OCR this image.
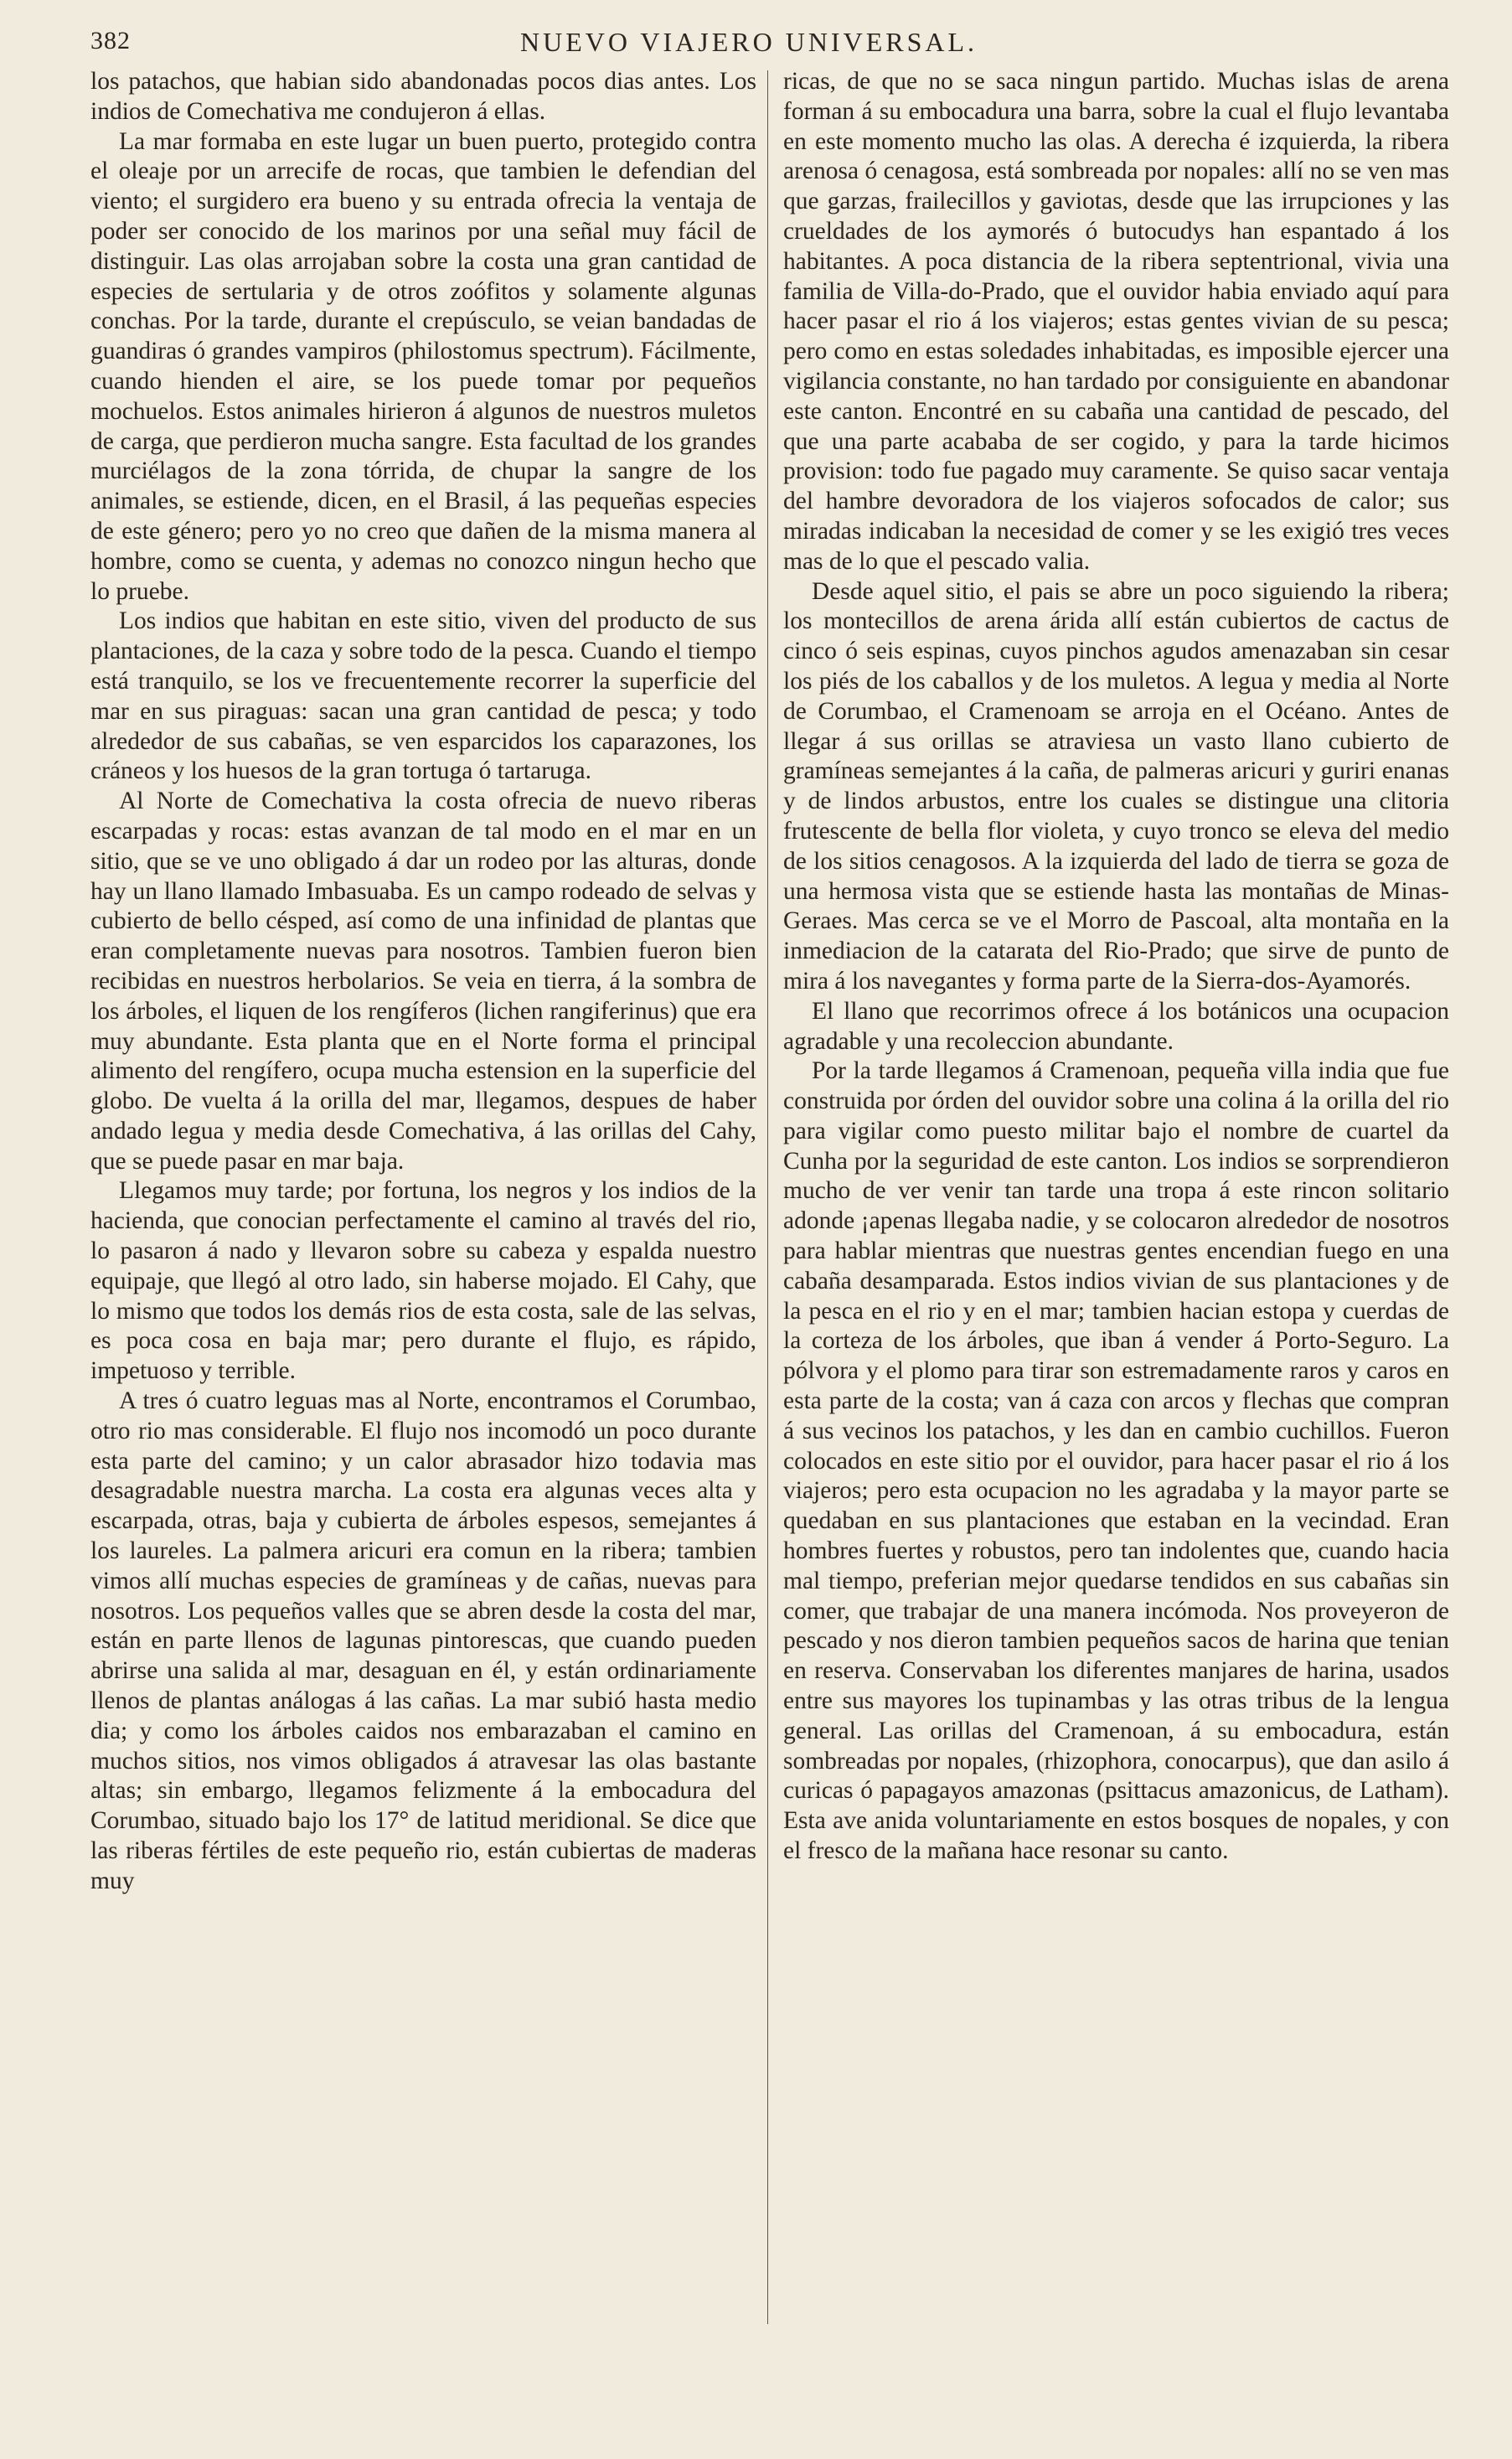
382	NUEVO VIAJERO UNIVERSAL.

los patachos, que habian sido abandonadas pocos dias antes. Los indios de Comechativa me condujeron á ellas.

La mar formaba en este lugar un buen puerto, protegido contra el oleaje por un arrecife de rocas, que tambien le defendian del viento; el surgidero era bueno y su entrada ofrecia la ventaja de poder ser conocido de los marinos por una señal muy fácil de distinguir. Las olas arrojaban sobre la costa una gran cantidad de especies de sertularia y de otros zoófitos y solamente algunas conchas. Por la tarde, durante el crepúsculo, se veian bandadas de guandiras ó grandes vampiros (philostomus spectrum). Fácilmente, cuando hienden el aire, se los puede tomar por pequeños mochuelos. Estos animales hirieron á algunos de nuestros muletos de carga, que perdieron mucha sangre. Esta facultad de los grandes murciélagos de la zona tórrida, de chupar la sangre de los animales, se estiende, dicen, en el Brasil, á las pequeñas especies de este género; pero yo no creo que dañen de la misma manera al hombre, como se cuenta, y ademas no conozco ningun hecho que lo pruebe.

Los indios que habitan en este sitio, viven del producto de sus plantaciones, de la caza y sobre todo de la pesca. Cuando el tiempo está tranquilo, se los ve frecuentemente recorrer la superficie del mar en sus piraguas: sacan una gran cantidad de pesca; y todo alrededor de sus cabañas, se ven esparcidos los caparazones, los cráneos y los huesos de la gran tortuga ó tartaruga.

Al Norte de Comechativa la costa ofrecia de nuevo riberas escarpadas y rocas: estas avanzan de tal modo en el mar en un sitio, que se ve uno obligado á dar un rodeo por las alturas, donde hay un llano llamado Imbasuaba. Es un campo rodeado de selvas y cubierto de bello césped, así como de una infinidad de plantas que eran completamente nuevas para nosotros. Tambien fueron bien recibidas en nuestros herbolarios. Se veia en tierra, á la sombra de los árboles, el liquen de los rengíferos (lichen rangiferinus) que era muy abundante. Esta planta que en el Norte forma el principal alimento del rengífero, ocupa mucha estension en la superficie del globo. De vuelta á la orilla del mar, llegamos, despues de haber andado legua y media desde Comechativa, á las orillas del Cahy, que se puede pasar en mar baja.

Llegamos muy tarde; por fortuna, los negros y los indios de la hacienda, que conocian perfectamente el camino al través del rio, lo pasaron á nado y llevaron sobre su cabeza y espalda nuestro equipaje, que llegó al otro lado, sin haberse mojado. El Cahy, que lo mismo que todos los demás rios de esta costa, sale de las selvas, es poca cosa en baja mar; pero durante el flujo, es rápido, impetuoso y terrible.

A tres ó cuatro leguas mas al Norte, encontramos el Corumbao, otro rio mas considerable. El flujo nos incomodó un poco durante esta parte del camino; y un calor abrasador hizo todavia mas desagradable nuestra marcha. La costa era algunas veces alta y escarpada, otras, baja y cubierta de árboles espesos, semejantes á los laureles. La palmera aricuri era comun en la ribera; tambien vimos allí muchas especies de gramíneas y de cañas, nuevas para nosotros. Los pequeños valles que se abren desde la costa del mar, están en parte llenos de lagunas pintorescas, que cuando pueden abrirse una salida al mar, desaguan en él, y están ordinariamente llenos de plantas análogas á las cañas. La mar subió hasta medio dia; y como los árboles caidos nos embarazaban el camino en muchos sitios, nos vimos obligados á atravesar las olas bastante altas; sin embargo, llegamos felizmente á la embocadura del Corumbao, situado bajo los 17° de latitud meridional. Se dice que las riberas fértiles de este pequeño rio, están cubiertas de maderas muy

ricas, de que no se saca ningun partido. Muchas islas de arena forman á su embocadura una barra, sobre la cual el flujo levantaba en este momento mucho las olas. A derecha é izquierda, la ribera arenosa ó cenagosa, está sombreada por nopales: allí no se ven mas que garzas, frailecillos y gaviotas, desde que las irrupciones y las crueldades de los aymorés ó butocudys han espantado á los habitantes. A poca distancia de la ribera septentrional, vivia una familia de Villa-do-Prado, que el ouvidor habia enviado aquí para hacer pasar el rio á los viajeros; estas gentes vivian de su pesca; pero como en estas soledades inhabitadas, es imposible ejercer una vigilancia constante, no han tardado por consiguiente en abandonar este canton. Encontré en su cabaña una cantidad de pescado, del que una parte acababa de ser cogido, y para la tarde hicimos provision: todo fue pagado muy caramente. Se quiso sacar ventaja del hambre devoradora de los viajeros sofocados de calor; sus miradas indicaban la necesidad de comer y se les exigió tres veces mas de lo que el pescado valia.

Desde aquel sitio, el pais se abre un poco siguiendo la ribera; los montecillos de arena árida allí están cubiertos de cactus de cinco ó seis espinas, cuyos pinchos agudos amenazaban sin cesar los piés de los caballos y de los muletos. A legua y media al Norte de Corumbao, el Cramenoam se arroja en el Océano. Antes de llegar á sus orillas se atraviesa un vasto llano cubierto de gramíneas semejantes á la caña, de palmeras aricuri y guriri enanas y de lindos arbustos, entre los cuales se distingue una clitoria frutescente de bella flor violeta, y cuyo tronco se eleva del medio de los sitios cenagosos. A la izquierda del lado de tierra se goza de una hermosa vista que se estiende hasta las montañas de Minas-Geraes. Mas cerca se ve el Morro de Pascoal, alta montaña en la inmediacion de la catarata del Rio-Prado; que sirve de punto de mira á los navegantes y forma parte de la Sierra-dos-Ayamorés.

El llano que recorrimos ofrece á los botánicos una ocupacion agradable y una recoleccion abundante.

Por la tarde llegamos á Cramenoan, pequeña villa india que fue construida por órden del ouvidor sobre una colina á la orilla del rio para vigilar como puesto militar bajo el nombre de cuartel da Cunha por la seguridad de este canton. Los indios se sorprendieron mucho de ver venir tan tarde una tropa á este rincon solitario adonde ¡apenas llegaba nadie, y se colocaron alrededor de nosotros para hablar mientras que nuestras gentes encendian fuego en una cabaña desamparada. Estos indios vivian de sus plantaciones y de la pesca en el rio y en el mar; tambien hacian estopa y cuerdas de la corteza de los árboles, que iban á vender á Porto-Seguro. La pólvora y el plomo para tirar son estremadamente raros y caros en esta parte de la costa; van á caza con arcos y flechas que compran á sus vecinos los patachos, y les dan en cambio cuchillos. Fueron colocados en este sitio por el ouvidor, para hacer pasar el rio á los viajeros; pero esta ocupacion no les agradaba y la mayor parte se quedaban en sus plantaciones que estaban en la vecindad. Eran hombres fuertes y robustos, pero tan indolentes que, cuando hacia mal tiempo, preferian mejor quedarse tendidos en sus cabañas sin comer, que trabajar de una manera incómoda. Nos proveyeron de pescado y nos dieron tambien pequeños sacos de harina que tenian en reserva. Conservaban los diferentes manjares de harina, usados entre sus mayores los tupinambas y las otras tribus de la lengua general. Las orillas del Cramenoan, á su embocadura, están sombreadas por nopales, (rhizophora, conocarpus), que dan asilo á curicas ó papagayos amazonas (psittacus amazonicus, de Latham). Esta ave anida voluntariamente en estos bosques de nopales, y con el fresco de la mañana hace resonar su canto.
